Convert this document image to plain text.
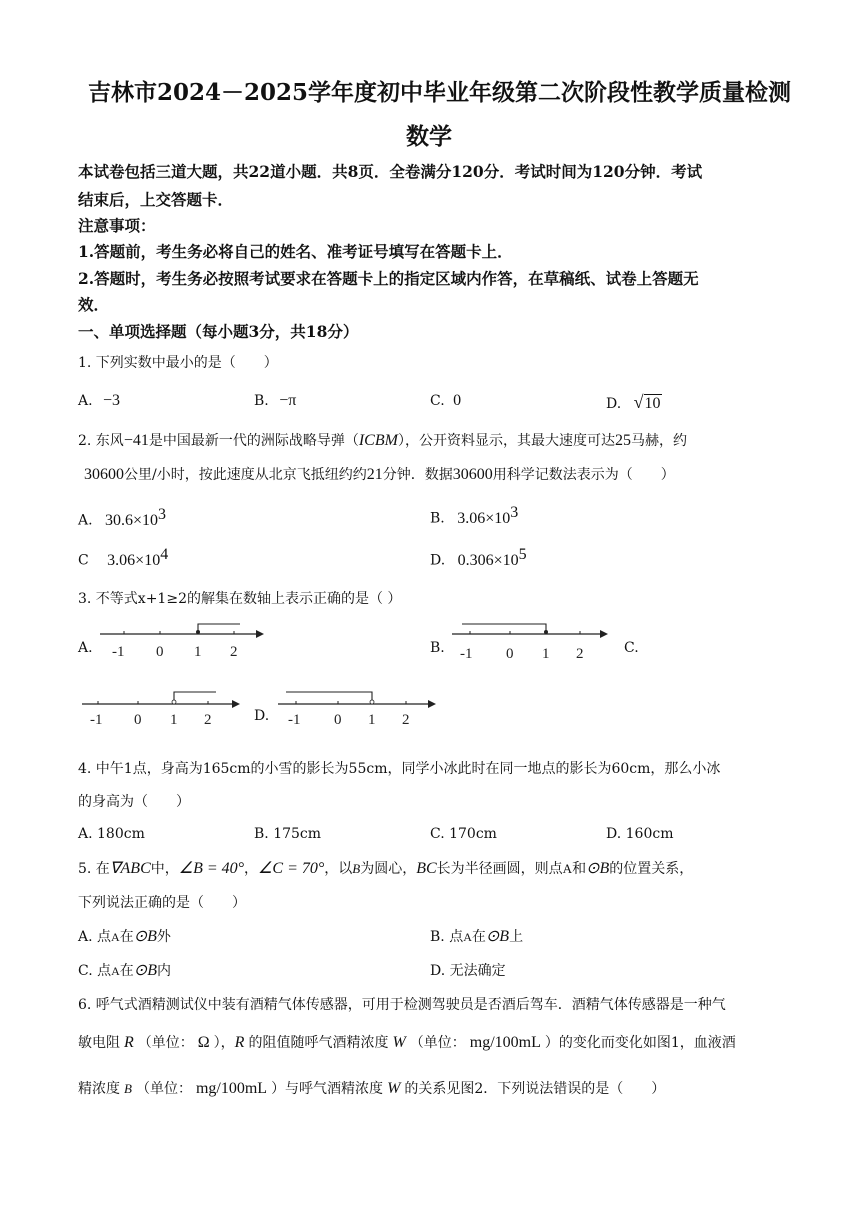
吉林市2024－2025学年度初中毕业年级第二次阶段性教学质量检测
数学
本试卷包括三道大题，共22道小题．共8页．全卷满分120分．考试时间为120分钟．考试
结束后，上交答题卡．
注意事项：
1.答题前，考生务必将自己的姓名、准考证号填写在答题卡上．
2.答题时，考生务必按照考试要求在答题卡上的指定区域内作答，在草稿纸、试卷上答题无
效．
一、单项选择题（每小题3分，共18分）
1. 下列实数中最小的是（　　）
A. −3	B. −π	C. 0	D. √10
2. 东风−41是中国最新一代的洲际战略导弹（ICBM），公开资料显示，其最大速度可达25马赫，约
30600公里/小时，按此速度从北京飞抵纽约约21分钟．数据30600用科学记数法表示为（　　）
A. $30.6\times 10^3$	B. $3.06\times 10^3$
C $3.06\times 10^4$	D. $0.306\times 10^5$
3. 不等式x+1≥2的解集在数轴上表示正确的是（ ）
A.	B.	C.
D.
-1 0 1 2	-1 0 1 2
-1 0 1 2	-1 0 1 2
4. 中午1点，身高为165cm的小雪的影长为55cm，同学小冰此时在同一地点的影长为60cm，那么小冰
的身高为（　　）
A. 180cm	B. 175cm	C. 170cm	D. 160cm
5. 在∇ABC中，∠B = 40°，∠C = 70°，以B为圆心，BC长为半径画圆，则点A和⊙B的位置关系，
下列说法正确的是（　　）
A. 点A在⊙B外	B. 点A在⊙B上
C. 点A在⊙B内	D. 无法确定
6. 呼气式酒精测试仪中装有酒精气体传感器，可用于检测驾驶员是否酒后驾车．酒精气体传感器是一种气
敏电阻 R （单位： Ω ），R 的阻值随呼气酒精浓度 W （单位： mg/100mL ）的变化而变化如图1，血液酒
精浓度 B （单位： mg/100mL ）与呼气酒精浓度 W 的关系见图2．下列说法错误的是（　　）
